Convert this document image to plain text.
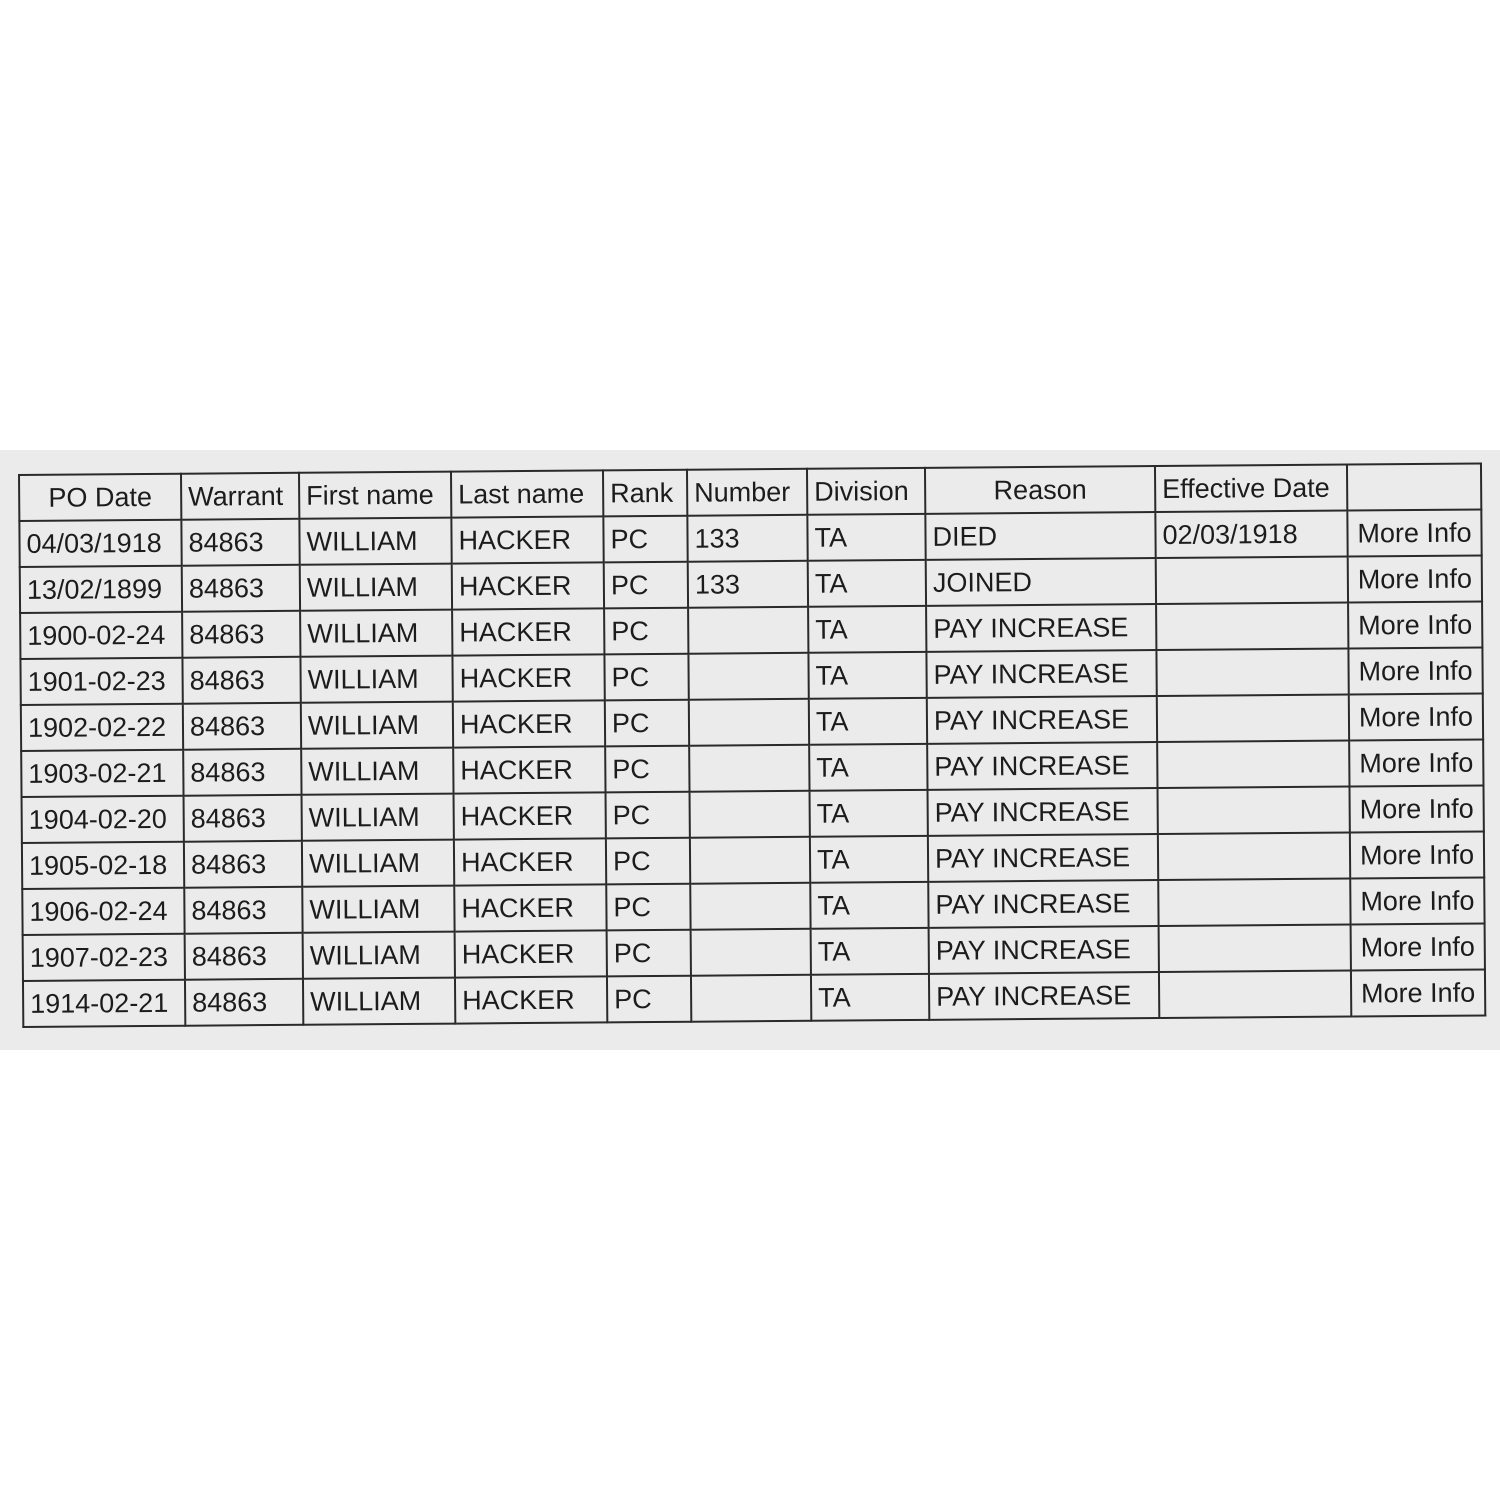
PO Date	Warrant	First name	Last name	Rank	Number	Division	Reason	Effective Date	
04/03/1918	84863	WILLIAM	HACKER	PC	133	TA	DIED	02/03/1918	More Info
13/02/1899	84863	WILLIAM	HACKER	PC	133	TA	JOINED		More Info
1900-02-24	84863	WILLIAM	HACKER	PC		TA	PAY INCREASE		More Info
1901-02-23	84863	WILLIAM	HACKER	PC		TA	PAY INCREASE		More Info
1902-02-22	84863	WILLIAM	HACKER	PC		TA	PAY INCREASE		More Info
1903-02-21	84863	WILLIAM	HACKER	PC		TA	PAY INCREASE		More Info
1904-02-20	84863	WILLIAM	HACKER	PC		TA	PAY INCREASE		More Info
1905-02-18	84863	WILLIAM	HACKER	PC		TA	PAY INCREASE		More Info
1906-02-24	84863	WILLIAM	HACKER	PC		TA	PAY INCREASE		More Info
1907-02-23	84863	WILLIAM	HACKER	PC		TA	PAY INCREASE		More Info
1914-02-21	84863	WILLIAM	HACKER	PC		TA	PAY INCREASE		More Info
